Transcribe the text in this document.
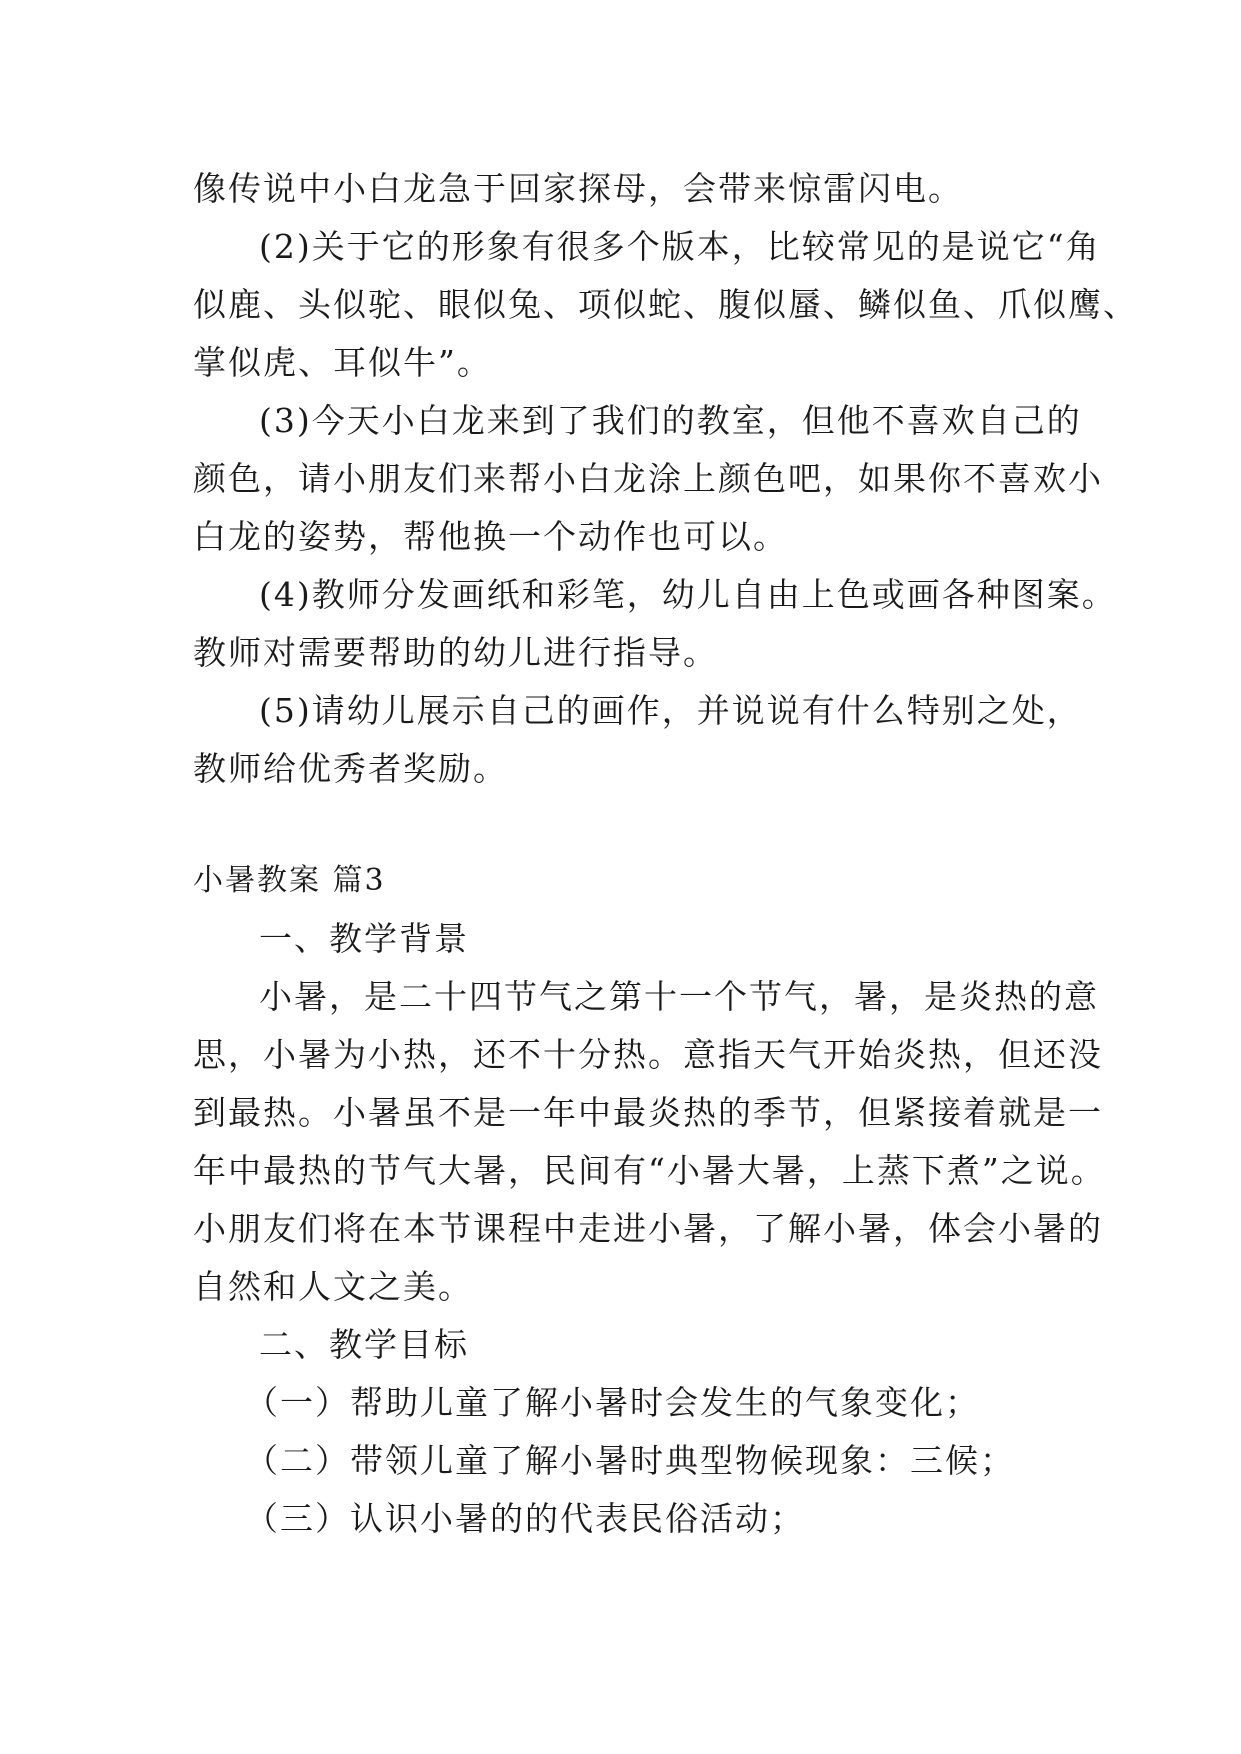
像传说中小白龙急于回家探母，会带来惊雷闪电。
(2)关于它的形象有很多个版本，比较常见的是说它“角
似鹿、头似驼、眼似兔、项似蛇、腹似蜃、鳞似鱼、爪似鹰、
掌似虎、耳似牛”。
(3)今天小白龙来到了我们的教室，但他不喜欢自己的
颜色，请小朋友们来帮小白龙涂上颜色吧，如果你不喜欢小
白龙的姿势，帮他换一个动作也可以。
(4)教师分发画纸和彩笔，幼儿自由上色或画各种图案。
教师对需要帮助的幼儿进行指导。
(5)请幼儿展示自己的画作，并说说有什么特别之处，
教师给优秀者奖励。
小暑教案 篇3
一、教学背景
小暑，是二十四节气之第十一个节气，暑，是炎热的意
思，小暑为小热，还不十分热。意指天气开始炎热，但还没
到最热。小暑虽不是一年中最炎热的季节，但紧接着就是一
年中最热的节气大暑，民间有“小暑大暑，上蒸下煮”之说。
小朋友们将在本节课程中走进小暑，了解小暑，体会小暑的
自然和人文之美。
二、教学目标
（一）帮助儿童了解小暑时会发生的气象变化；
（二）带领儿童了解小暑时典型物候现象：三候；
（三）认识小暑的的代表民俗活动；
